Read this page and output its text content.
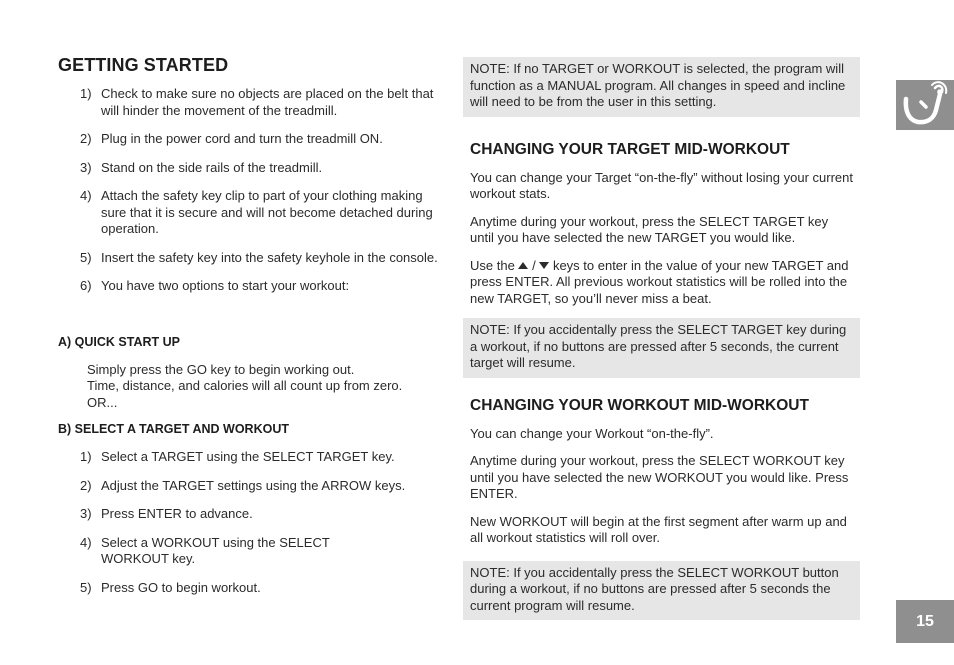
GETTING STARTED
1) Check to make sure no objects are placed on the belt that will hinder the movement of the treadmill.
2) Plug in the power cord and turn the treadmill ON.
3) Stand on the side rails of the treadmill.
4) Attach the safety key clip to part of your clothing making sure that it is secure and will not become detached during operation.
5) Insert the safety key into the safety keyhole in the console.
6) You have two options to start your workout:
A) QUICK START UP

Simply press the GO key to begin working out.

Time, distance, and calories will all count up from zero.

OR...

B) SELECT A TARGET AND WORKOUT
1) Select a TARGET using the SELECT TARGET key.
2) Adjust the TARGET settings using the ARROW keys.
3) Press ENTER to advance.
4) Select a WORKOUT using the SELECT WORKOUT key.
5) Press GO to begin workout.
NOTE: If no TARGET or WORKOUT is selected, the program will function as a MANUAL program. All changes in speed and incline will need to be from the user in this setting.
CHANGING YOUR TARGET MID-WORKOUT

You can change your Target “on-the-fly” without losing your current workout stats.

Anytime during your workout, press the SELECT TARGET key until you have selected the new TARGET you would like.

Use the / keys to enter in the value of your new TARGET and press ENTER. All previous workout statistics will be rolled into the new TARGET, so you’ll never miss a beat.

NOTE: If you accidentally press the SELECT TARGET key during a workout, if no buttons are pressed after 5 seconds, the current target will resume.
CHANGING YOUR WORKOUT MID-WORKOUT

You can change your Workout “on-the-fly”.

Anytime during your workout, press the SELECT WORKOUT key until you have selected the new WORKOUT you would like. Press ENTER.

New WORKOUT will begin at the first segment after warm up and all workout statistics will roll over.

NOTE: If you accidentally press the SELECT WORKOUT button during a workout, if no buttons are pressed after 5 seconds the current program will resume.
15
